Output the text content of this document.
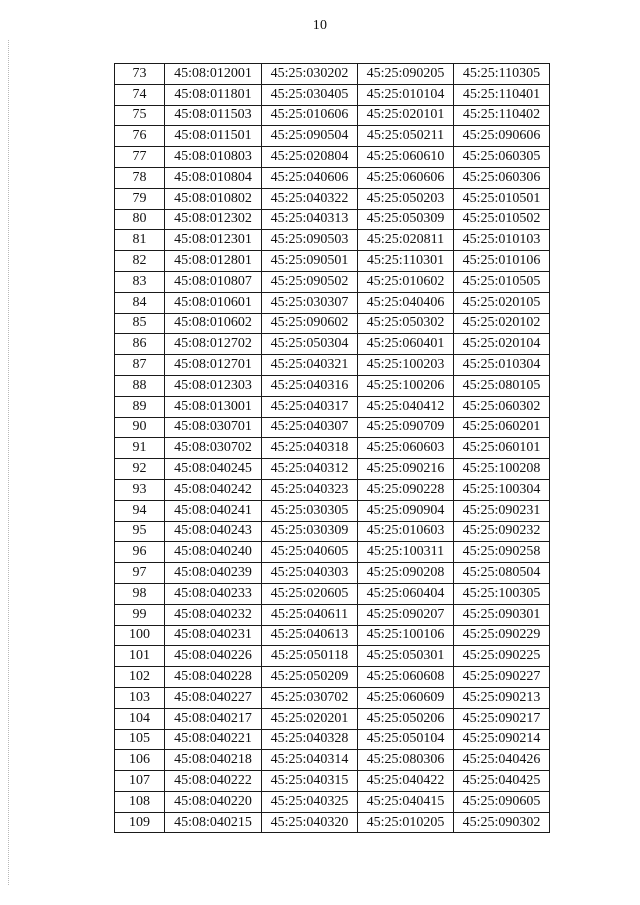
10
73	45:08:012001	45:25:030202	45:25:090205	45:25:110305
74	45:08:011801	45:25:030405	45:25:010104	45:25:110401
75	45:08:011503	45:25:010606	45:25:020101	45:25:110402
76	45:08:011501	45:25:090504	45:25:050211	45:25:090606
77	45:08:010803	45:25:020804	45:25:060610	45:25:060305
78	45:08:010804	45:25:040606	45:25:060606	45:25:060306
79	45:08:010802	45:25:040322	45:25:050203	45:25:010501
80	45:08:012302	45:25:040313	45:25:050309	45:25:010502
81	45:08:012301	45:25:090503	45:25:020811	45:25:010103
82	45:08:012801	45:25:090501	45:25:110301	45:25:010106
83	45:08:010807	45:25:090502	45:25:010602	45:25:010505
84	45:08:010601	45:25:030307	45:25:040406	45:25:020105
85	45:08:010602	45:25:090602	45:25:050302	45:25:020102
86	45:08:012702	45:25:050304	45:25:060401	45:25:020104
87	45:08:012701	45:25:040321	45:25:100203	45:25:010304
88	45:08:012303	45:25:040316	45:25:100206	45:25:080105
89	45:08:013001	45:25:040317	45:25:040412	45:25:060302
90	45:08:030701	45:25:040307	45:25:090709	45:25:060201
91	45:08:030702	45:25:040318	45:25:060603	45:25:060101
92	45:08:040245	45:25:040312	45:25:090216	45:25:100208
93	45:08:040242	45:25:040323	45:25:090228	45:25:100304
94	45:08:040241	45:25:030305	45:25:090904	45:25:090231
95	45:08:040243	45:25:030309	45:25:010603	45:25:090232
96	45:08:040240	45:25:040605	45:25:100311	45:25:090258
97	45:08:040239	45:25:040303	45:25:090208	45:25:080504
98	45:08:040233	45:25:020605	45:25:060404	45:25:100305
99	45:08:040232	45:25:040611	45:25:090207	45:25:090301
100	45:08:040231	45:25:040613	45:25:100106	45:25:090229
101	45:08:040226	45:25:050118	45:25:050301	45:25:090225
102	45:08:040228	45:25:050209	45:25:060608	45:25:090227
103	45:08:040227	45:25:030702	45:25:060609	45:25:090213
104	45:08:040217	45:25:020201	45:25:050206	45:25:090217
105	45:08:040221	45:25:040328	45:25:050104	45:25:090214
106	45:08:040218	45:25:040314	45:25:080306	45:25:040426
107	45:08:040222	45:25:040315	45:25:040422	45:25:040425
108	45:08:040220	45:25:040325	45:25:040415	45:25:090605
109	45:08:040215	45:25:040320	45:25:010205	45:25:090302
